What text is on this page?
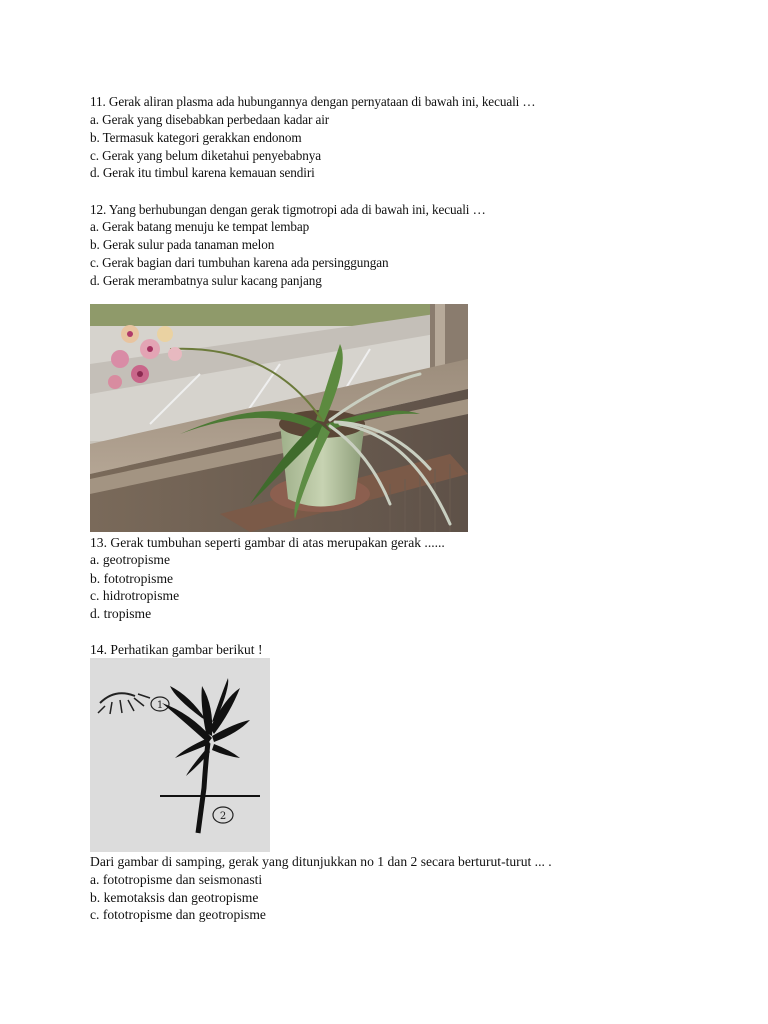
11. Gerak aliran plasma ada hubungannya dengan pernyataan di bawah ini, kecuali …
a. Gerak yang disebabkan perbedaan kadar air
b. Termasuk kategori gerakkan endonom
c. Gerak yang belum diketahui penyebabnya
d. Gerak itu timbul karena kemauan sendiri
12. Yang berhubungan dengan gerak tigmotropi ada di bawah ini, kecuali …
a. Gerak batang menuju ke tempat lembap
b. Gerak sulur pada tanaman melon
c. Gerak bagian dari tumbuhan karena ada persinggungan
d. Gerak merambatnya sulur kacang panjang
13. Gerak tumbuhan seperti gambar di atas merupakan gerak ......
a. geotropisme
b. fototropisme
c. hidrotropisme
d. tropisme
14. Perhatikan gambar berikut !
1
2
Dari gambar di samping, gerak yang ditunjukkan no 1 dan 2 secara berturut-turut ... .
a. fototropisme dan seismonasti
b. kemotaksis dan geotropisme
c. fototropisme dan geotropisme
